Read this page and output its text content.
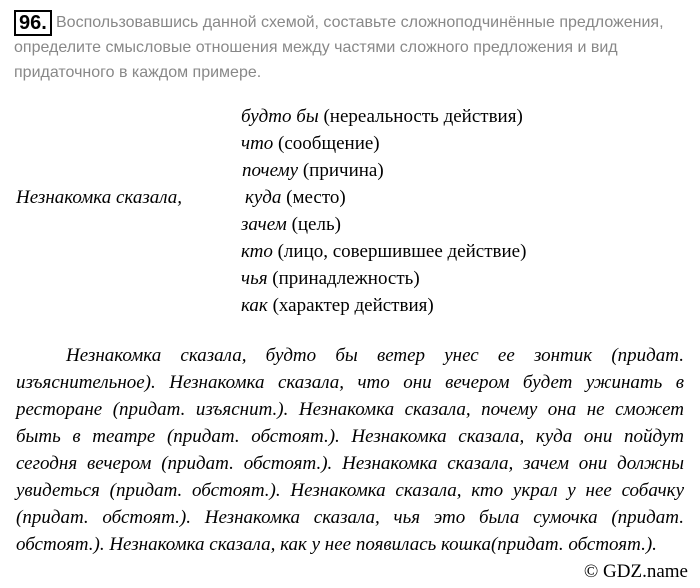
Воспользовавшись данной схемой, составьте сложноподчинённые предложения, определите смысловые отношения между частями сложного предложения и вид придаточного в каждом примере.
96.
Незнакомка сказала,
будто бы (нереальность действия)
что (сообщение)
почему (причина)
куда (место)
зачем (цель)
кто (лицо, совершившее действие)
чья (принадлежность)
как (характер действия)
Незнакомка сказала, будто бы ветер унес ее зонтик (придат. изъяснительное). Незнакомка сказала, что они вечером будет ужинать в ресторане (придат. изъяснит.). Незнакомка сказала, почему она не сможет быть в театре (придат. обстоят.). Незнакомка сказала, куда они пойдут сегодня вечером (придат. обстоят.). Незнакомка сказала, зачем они должны увидеться (придат. обстоят.). Незнакомка сказала, кто украл у нее собачку (придат. обстоят.). Незнакомка сказала, чья это была сумочка (придат. обстоят.). Незнакомка сказала, как у нее появилась кошка(придат. обстоят.).
© GDZ.name
